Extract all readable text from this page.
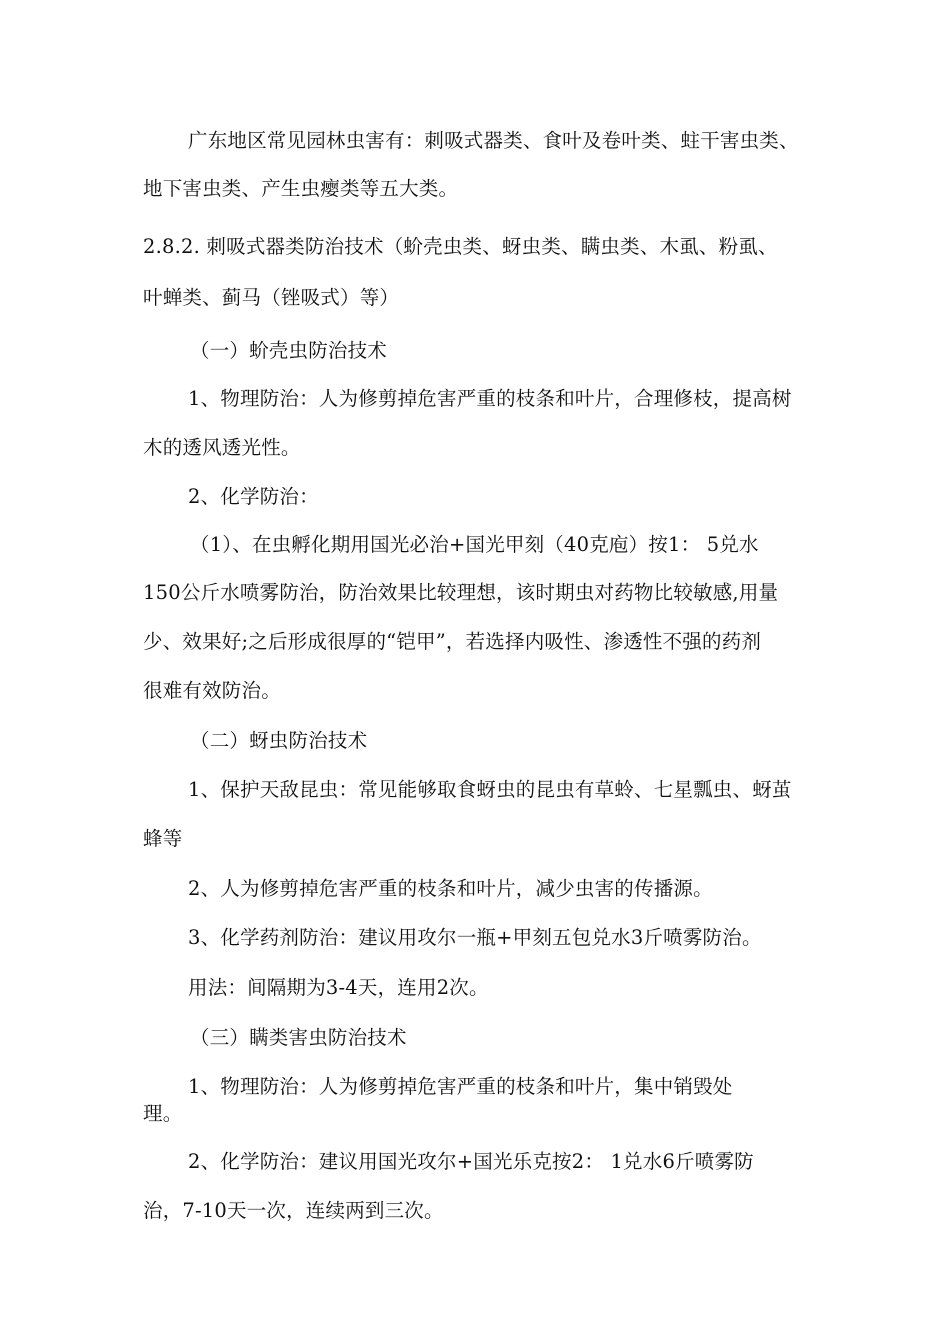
广东地区常见园林虫害有：刺吸式器类、食叶及卷叶类、蛀干害虫类、

地下害虫类、产生虫瘿类等五大类。

2.8.2. 刺吸式器类防治技术（蚧壳虫类、蚜虫类、瞒虫类、木虱、粉虱、

叶蝉类、蓟马（锉吸式）等）

（一）蚧壳虫防治技术

1、物理防治：人为修剪掉危害严重的枝条和叶片，合理修枝，提高树

木的透风透光性。

2、化学防治：

（1）、在虫孵化期用国光必治+国光甲刻（40克庖）按1： 5兑水

150公斤水喷雾防治，防治效果比较理想，该时期虫对药物比较敏感,用量

少、效果好;之后形成很厚的“铠甲”，若选择内吸性、渗透性不强的药剂

很难有效防治。

（二）蚜虫防治技术

1、保护天敌昆虫：常见能够取食蚜虫的昆虫有草蛉、七星瓢虫、蚜茧

蜂等

2、人为修剪掉危害严重的枝条和叶片，减少虫害的传播源。

3、化学药剂防治：建议用攻尔一瓶+甲刻五包兑水3斤喷雾防治。

用法：间隔期为3-4天，连用2次。

（三）瞒类害虫防治技术

1、物理防治：人为修剪掉危害严重的枝条和叶片，集中销毁处

理。

2、化学防治：建议用国光攻尔+国光乐克按2： 1兑水6斤喷雾防

治，7-10天一次，连续两到三次。
